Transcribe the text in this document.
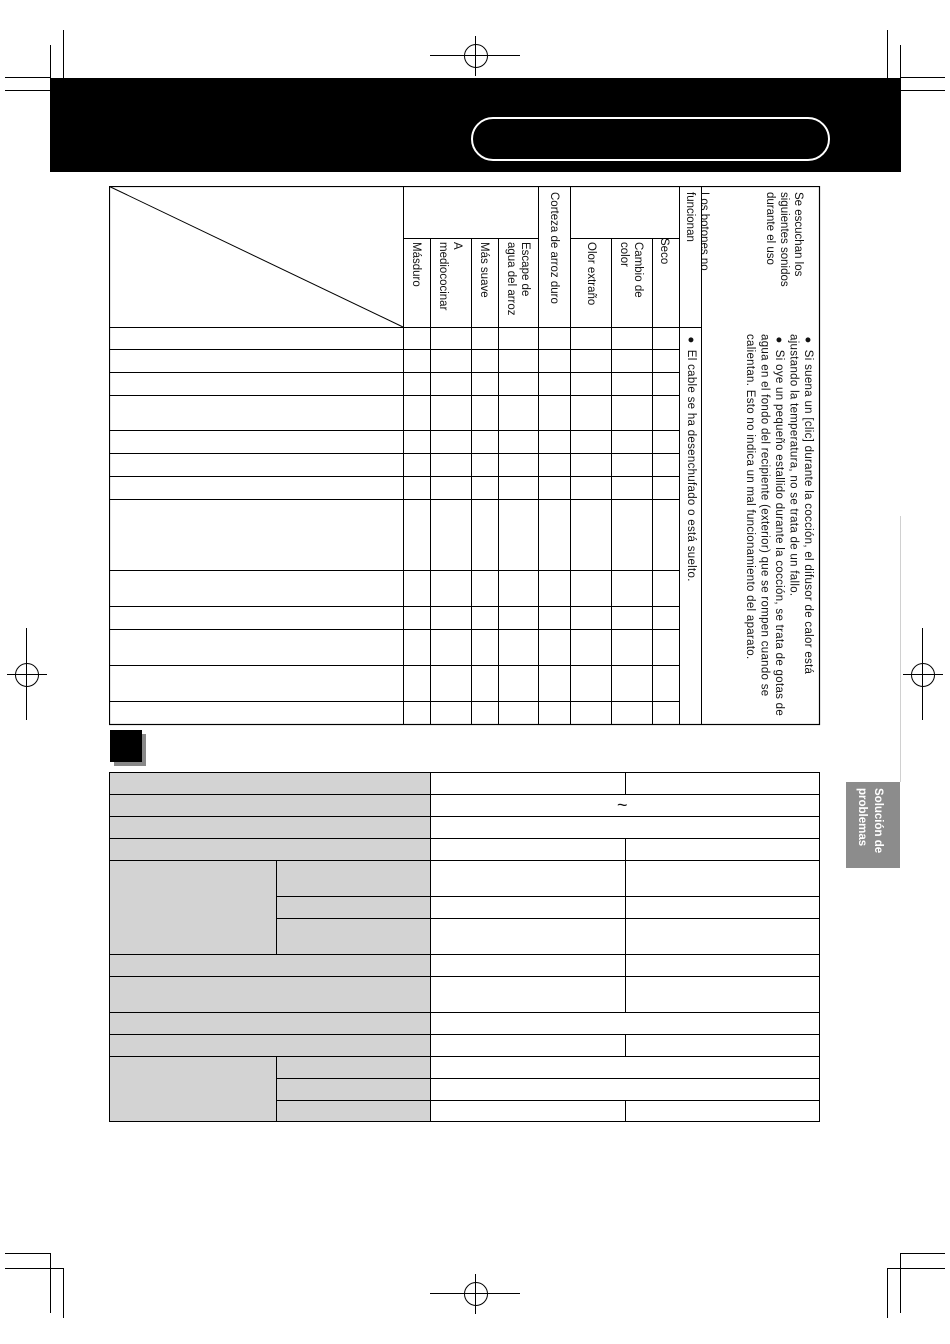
Se escuchan los
siguientes sonidos
durante el uso
Los botones no funcionan
Seco
Cambio de
color
Olor extraño
Corteza de arroz duro
Escape de
agua del arroz
Más suave
A
mediococinar
Másduro

● Si suena un [clic] durante la cocción, el difusor de calor está ajustando la temperatura, no se trata de un fallo.

● Si oye un pequeño estallido durante la cocción, se trata de gotas de agua en el fondo del recipiente (exterior) que se rompen cuando se calientan. Esto no indica un mal funcionamiento del aparato.

● El cable se ha desenchufado o está suelto.
~	Solución de
problemas
